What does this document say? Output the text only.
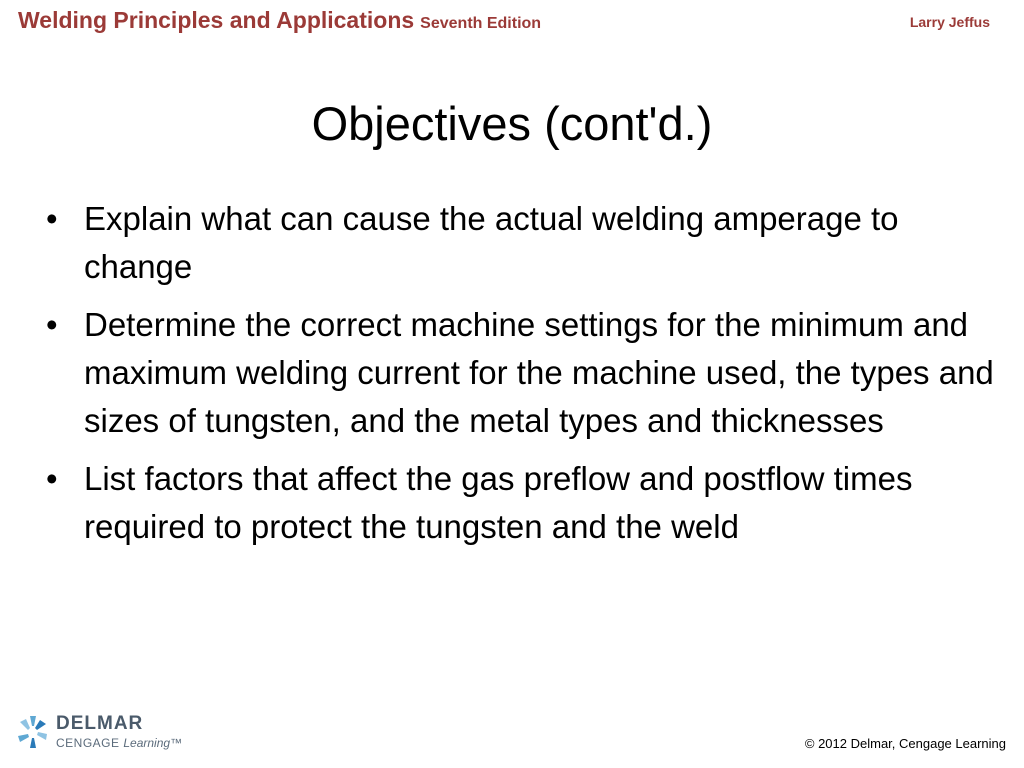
Welding Principles and Applications Seventh Edition	Larry Jeffus
Objectives (cont'd.)
• Explain what can cause the actual welding amperage to change
• Determine the correct machine settings for the minimum and maximum welding current for the machine used, the types and sizes of tungsten, and the metal types and thicknesses
• List factors that affect the gas preflow and postflow times required to protect the tungsten and the weld
DELMAR
CENGAGE Learning™	© 2012 Delmar, Cengage Learning
